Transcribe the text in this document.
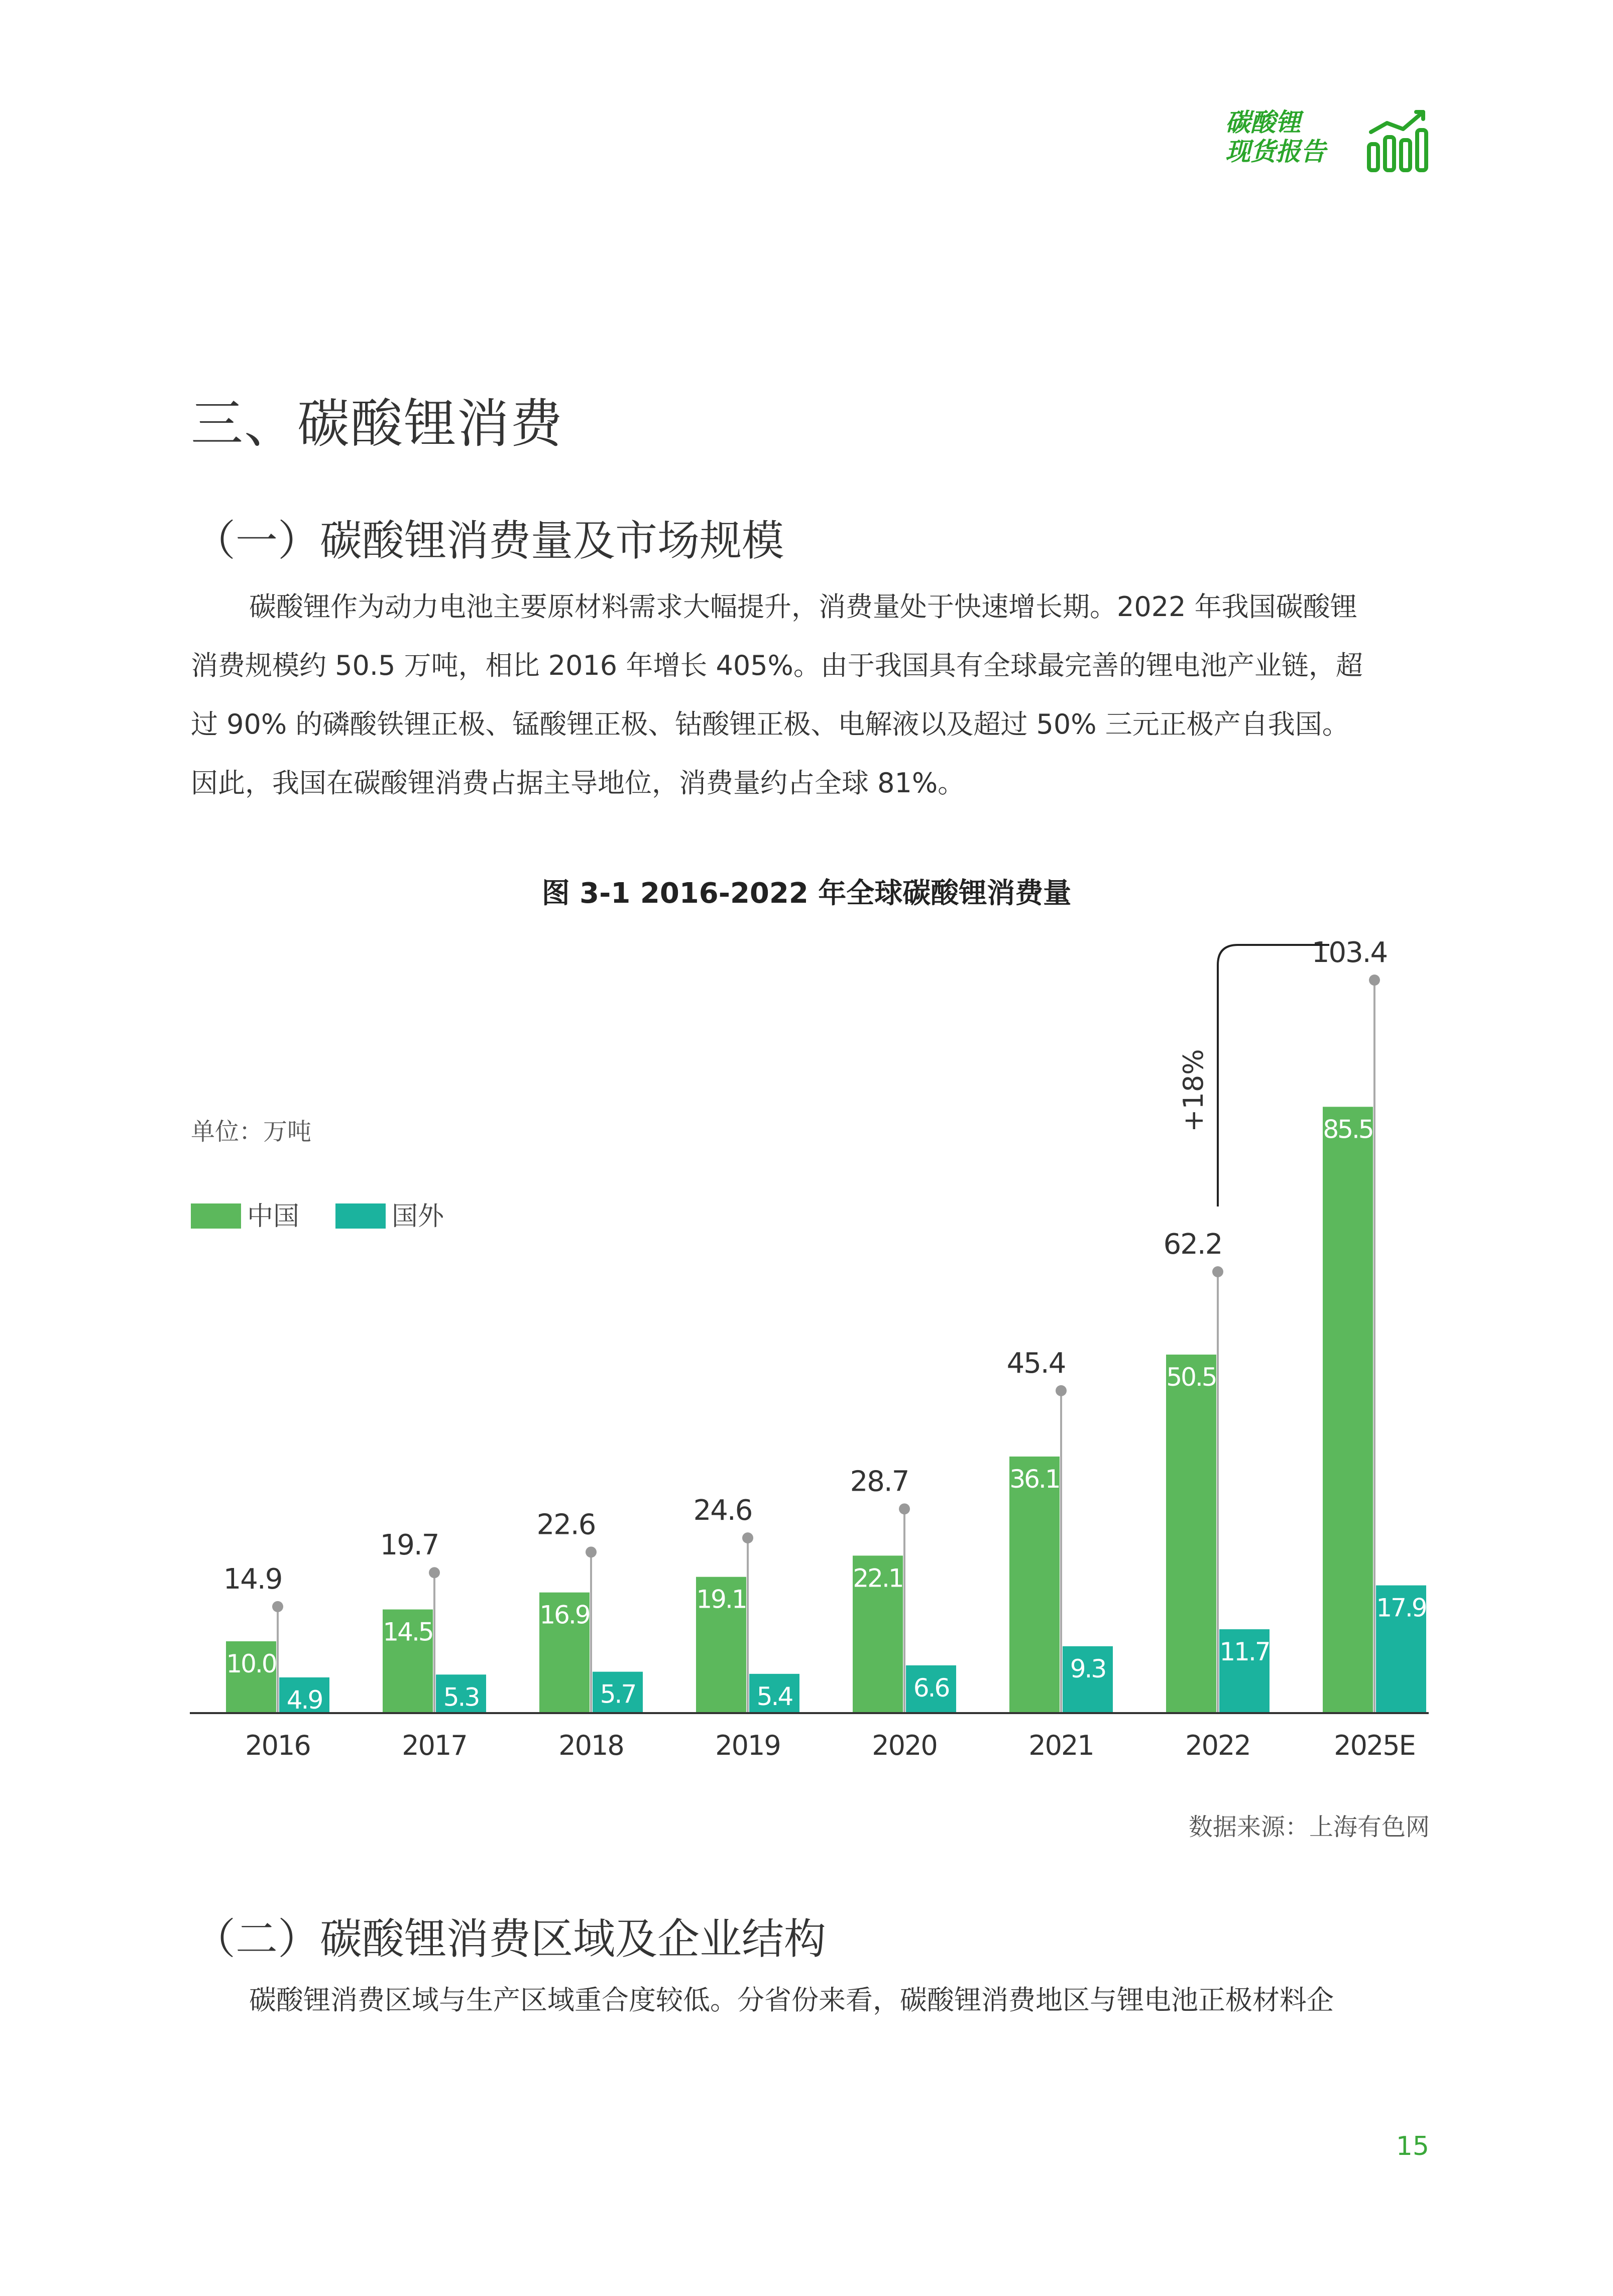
碳酸锂
现货报告
三、碳酸锂消费
（一）碳酸锂消费量及市场规模
碳酸锂作为动力电池主要原材料需求大幅提升，消费量处于快速增长期。2022 年我国碳酸锂
消费规模约 50.5 万吨，相比 2016 年增长 405%。由于我国具有全球最完善的锂电池产业链，超
过 90% 的磷酸铁锂正极、锰酸锂正极、钴酸锂正极、电解液以及超过 50% 三元正极产自我国。
因此，我国在碳酸锂消费占据主导地位，消费量约占全球 81%。
图 3-1 2016-2022 年全球碳酸锂消费量
单位：万吨
中国	国外
10.0
4.9
14.9
14.5
5.3
19.7
16.9
5.7
22.6
19.1
5.4
24.6
22.1
6.6
28.7	36.1
9.3
45.4	50.5
11.7
62.2
85.5
17.9
103.4
2016	2017	2018	2019	2020	2021	2022	2025E
+18%
数据来源：上海有色网
（二）碳酸锂消费区域及企业结构
碳酸锂消费区域与生产区域重合度较低。分省份来看，碳酸锂消费地区与锂电池正极材料企
15
